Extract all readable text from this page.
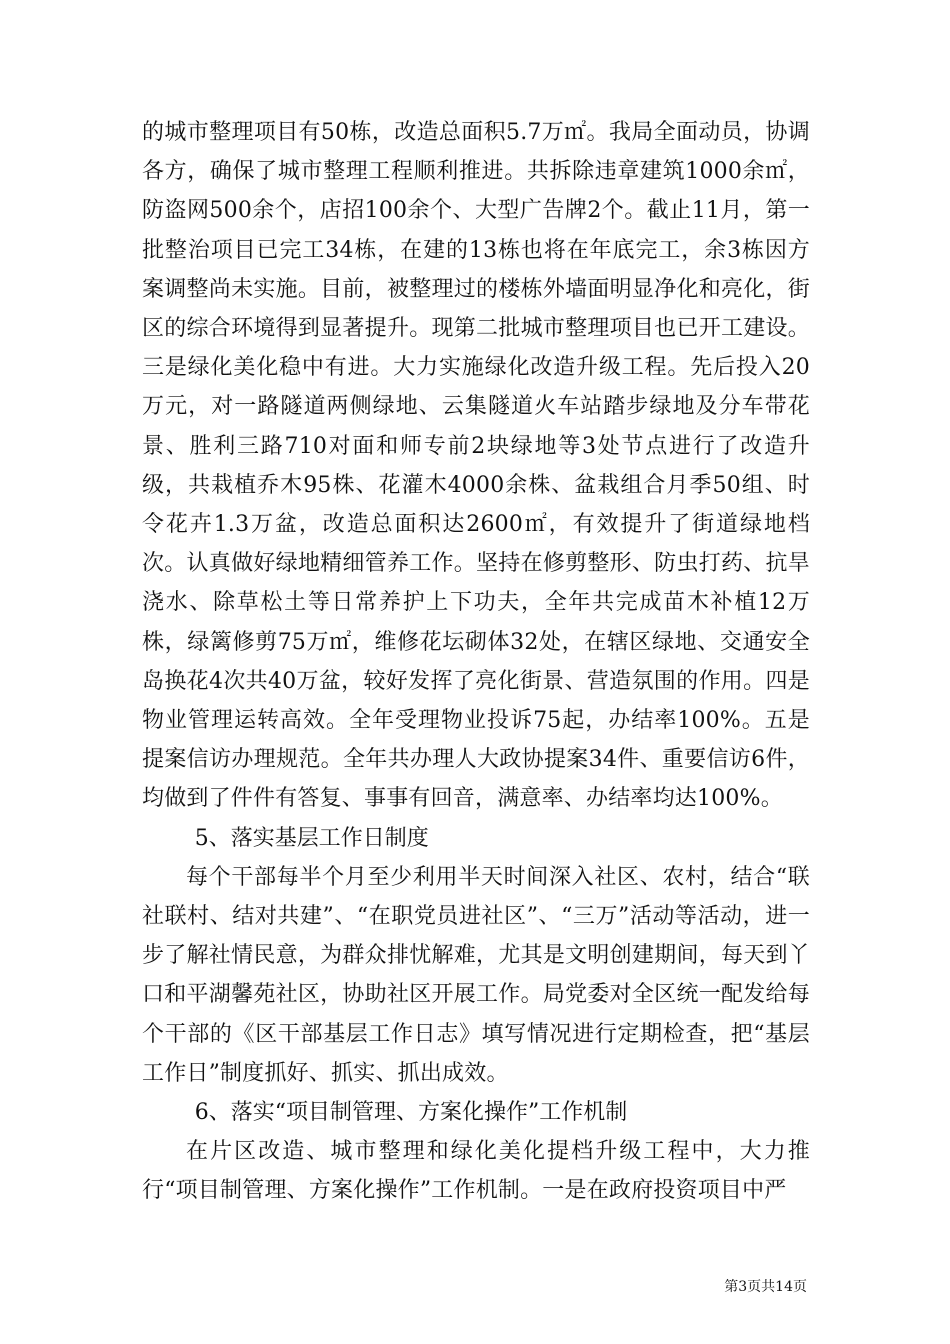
的城市整理项目有50栋，改造总面积5.7万㎡。我局全面动员，协调各方，确保了城市整理工程顺利推进。共拆除违章建筑1000余㎡，防盗网500余个，店招100余个、大型广告牌2个。截止11月，第一批整治项目已完工34栋，在建的13栋也将在年底完工，余3栋因方案调整尚未实施。目前，被整理过的楼栋外墙面明显净化和亮化，街区的综合环境得到显著提升。现第二批城市整理项目也已开工建设。三是绿化美化稳中有进。大力实施绿化改造升级工程。先后投入20万元，对一路隧道两侧绿地、云集隧道火车站踏步绿地及分车带花景、胜利三路710对面和师专前2块绿地等3处节点进行了改造升级，共栽植乔木95株、花灌木4000余株、盆栽组合月季50组、时令花卉1.3万盆，改造总面积达2600㎡，有效提升了街道绿地档次。认真做好绿地精细管养工作。坚持在修剪整形、防虫打药、抗旱浇水、除草松土等日常养护上下功夫，全年共完成苗木补植12万株，绿篱修剪75万㎡，维修花坛砌体32处，在辖区绿地、交通安全岛换花4次共40万盆，较好发挥了亮化街景、营造氛围的作用。四是物业管理运转高效。全年受理物业投诉75起，办结率100%。五是提案信访办理规范。全年共办理人大政协提案34件、重要信访6件，均做到了件件有答复、事事有回音，满意率、办结率均达100%。

5、落实基层工作日制度

每个干部每半个月至少利用半天时间深入社区、农村，结合“联社联村、结对共建”、“在职党员进社区”、“三万”活动等活动，进一步了解社情民意，为群众排忧解难，尤其是文明创建期间，每天到丫口和平湖馨苑社区，协助社区开展工作。局党委对全区统一配发给每个干部的《区干部基层工作日志》填写情况进行定期检查，把“基层工作日”制度抓好、抓实、抓出成效。

6、落实“项目制管理、方案化操作”工作机制

在片区改造、城市整理和绿化美化提档升级工程中，大力推行“项目制管理、方案化操作”工作机制。一是在政府投资项目中严

第3页共14页
